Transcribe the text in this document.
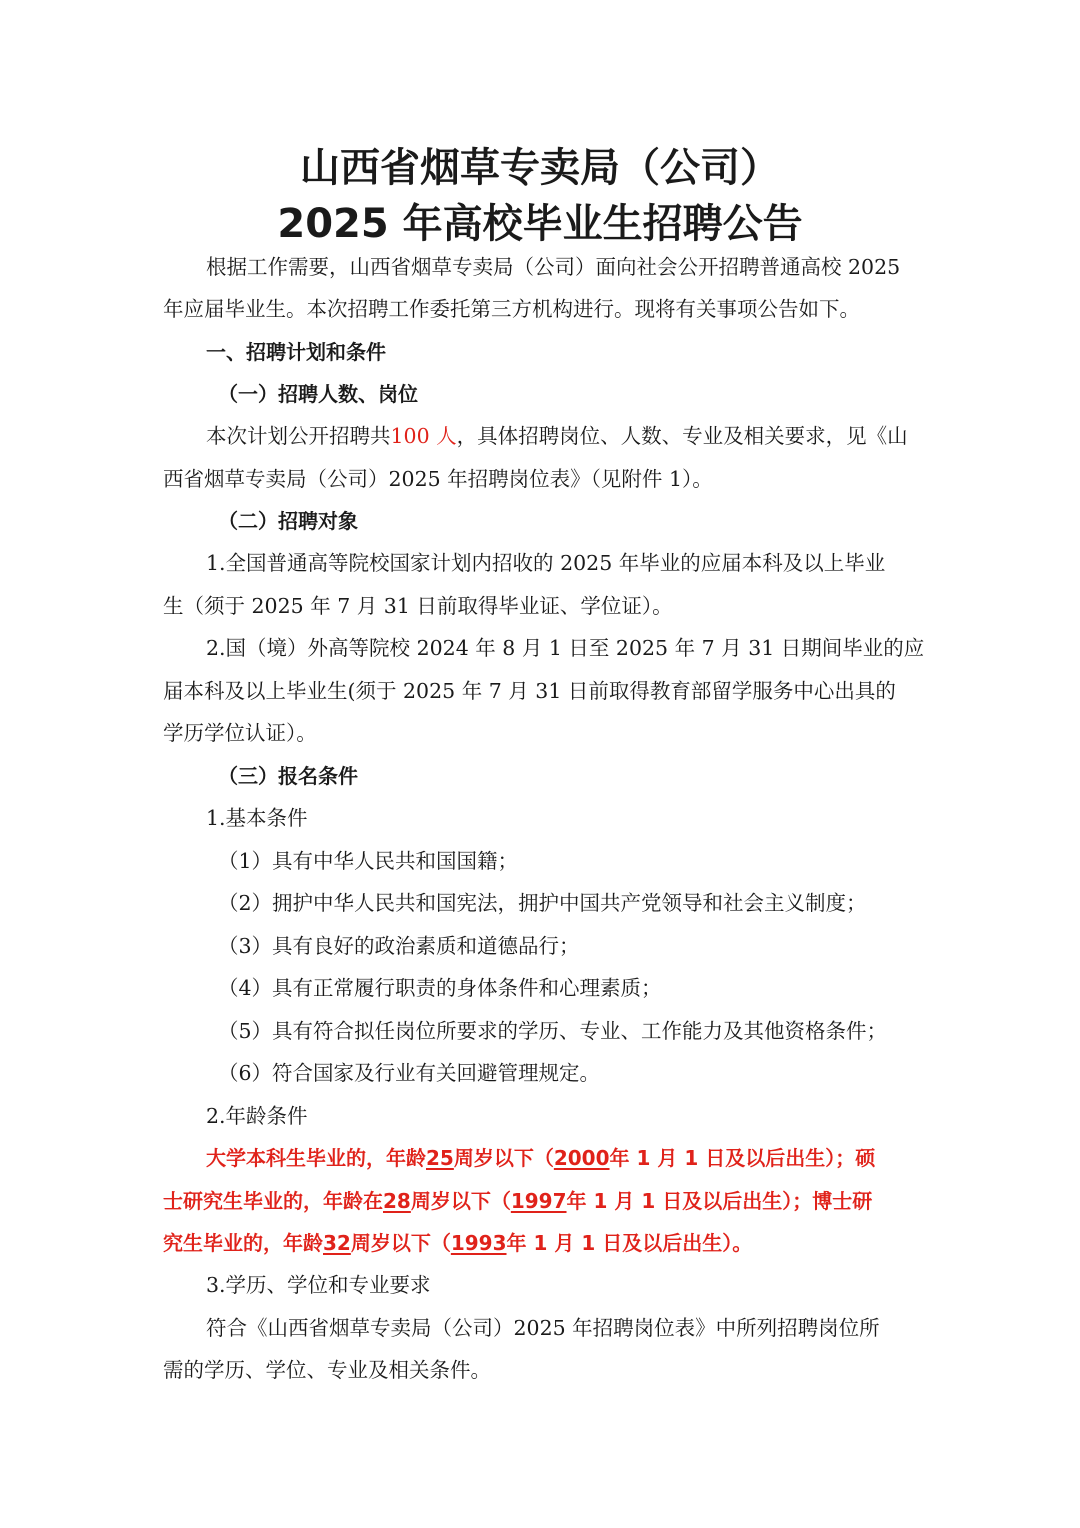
山西省烟草专卖局（公司）
2025 年高校毕业生招聘公告

根据工作需要，山西省烟草专卖局（公司）面向社会公开招聘普通高校 2025

年应届毕业生。本次招聘工作委托第三方机构进行。现将有关事项公告如下。

一、招聘计划和条件

（一）招聘人数、岗位

本次计划公开招聘共100 人，具体招聘岗位、人数、专业及相关要求，见《山

西省烟草专卖局（公司）2025 年招聘岗位表》（见附件 1）。

（二）招聘对象

1.全国普通高等院校国家计划内招收的 2025 年毕业的应届本科及以上毕业

生（须于 2025 年 7 月 31 日前取得毕业证、学位证）。

2.国（境）外高等院校 2024 年 8 月 1 日至 2025 年 7 月 31 日期间毕业的应

届本科及以上毕业生(须于 2025 年 7 月 31 日前取得教育部留学服务中心出具的

学历学位认证）。

（三）报名条件

1.基本条件

（1）具有中华人民共和国国籍；

（2）拥护中华人民共和国宪法，拥护中国共产党领导和社会主义制度；

（3）具有良好的政治素质和道德品行；

（4）具有正常履行职责的身体条件和心理素质；

（5）具有符合拟任岗位所要求的学历、专业、工作能力及其他资格条件；

（6）符合国家及行业有关回避管理规定。

2.年龄条件

大学本科生毕业的，年龄25周岁以下（2000年 1 月 1 日及以后出生）；硕

士研究生毕业的，年龄在28周岁以下（1997年 1 月 1 日及以后出生）；博士研

究生毕业的，年龄32周岁以下（1993年 1 月 1 日及以后出生）。

3.学历、学位和专业要求

符合《山西省烟草专卖局（公司）2025 年招聘岗位表》中所列招聘岗位所

需的学历、学位、专业及相关条件。
